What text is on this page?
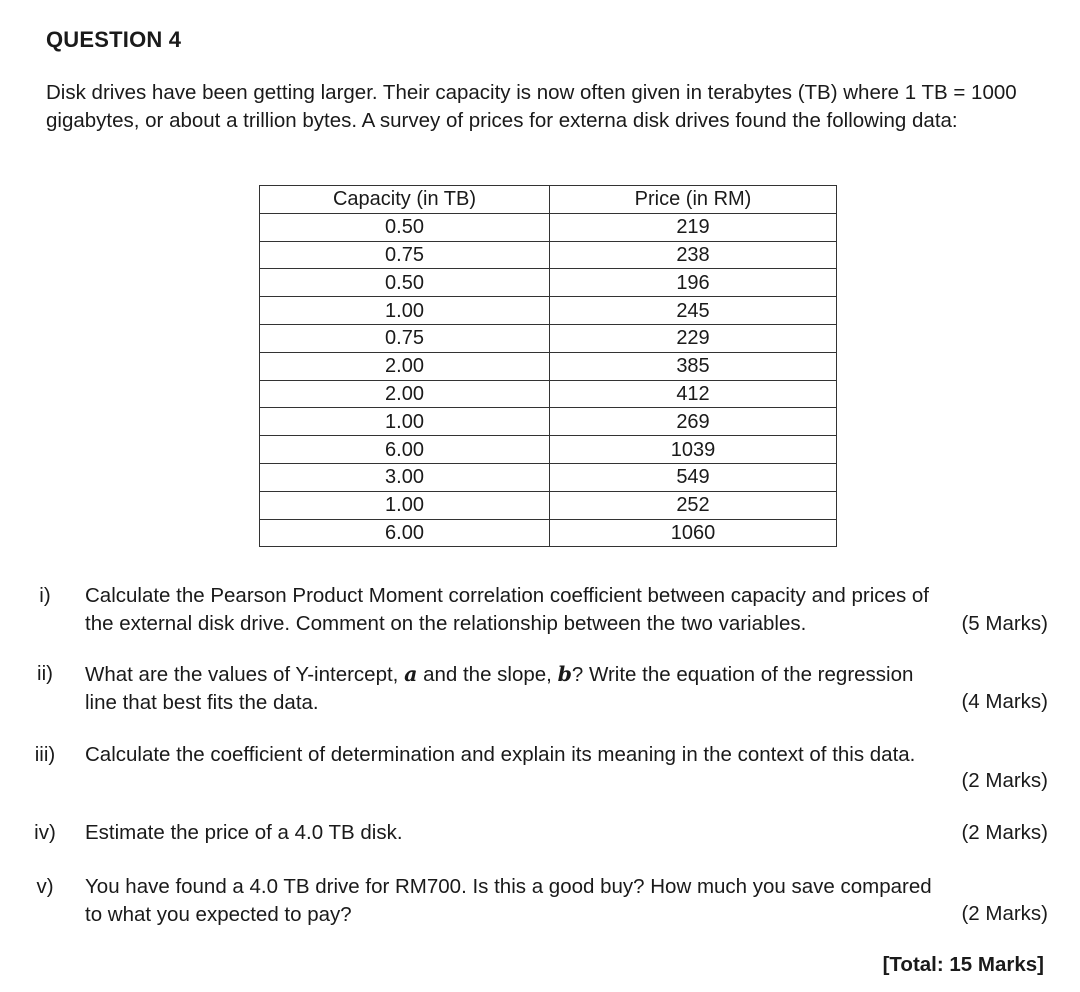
QUESTION 4
Disk drives have been getting larger. Their capacity is now often given in terabytes (TB) where 1 TB = 1000 gigabytes, or about a trillion bytes. A survey of prices for externa disk drives found the following data:
Capacity (in TB)	Price (in RM)
0.50	219
0.75	238
0.50	196
1.00	245
0.75	229
2.00	385
2.00	412
1.00	269
6.00	1039
3.00	549
1.00	252
6.00	1060
i)	Calculate the Pearson Product Moment correlation coefficient between capacity and prices of
the external disk drive. Comment on the relationship between the two variables.	(5 Marks)
ii)	What are the values of Y-intercept, a and the slope, b? Write the equation of the regression
line that best fits the data.	(4 Marks)
iii)	Calculate the coefficient of determination and explain its meaning in the context of this data.
(2 Marks)
iv)	Estimate the price of a 4.0 TB disk.	(2 Marks)
v)	You have found a 4.0 TB drive for RM700. Is this a good buy? How much you save compared
to what you expected to pay?	(2 Marks)
[Total: 15 Marks]
